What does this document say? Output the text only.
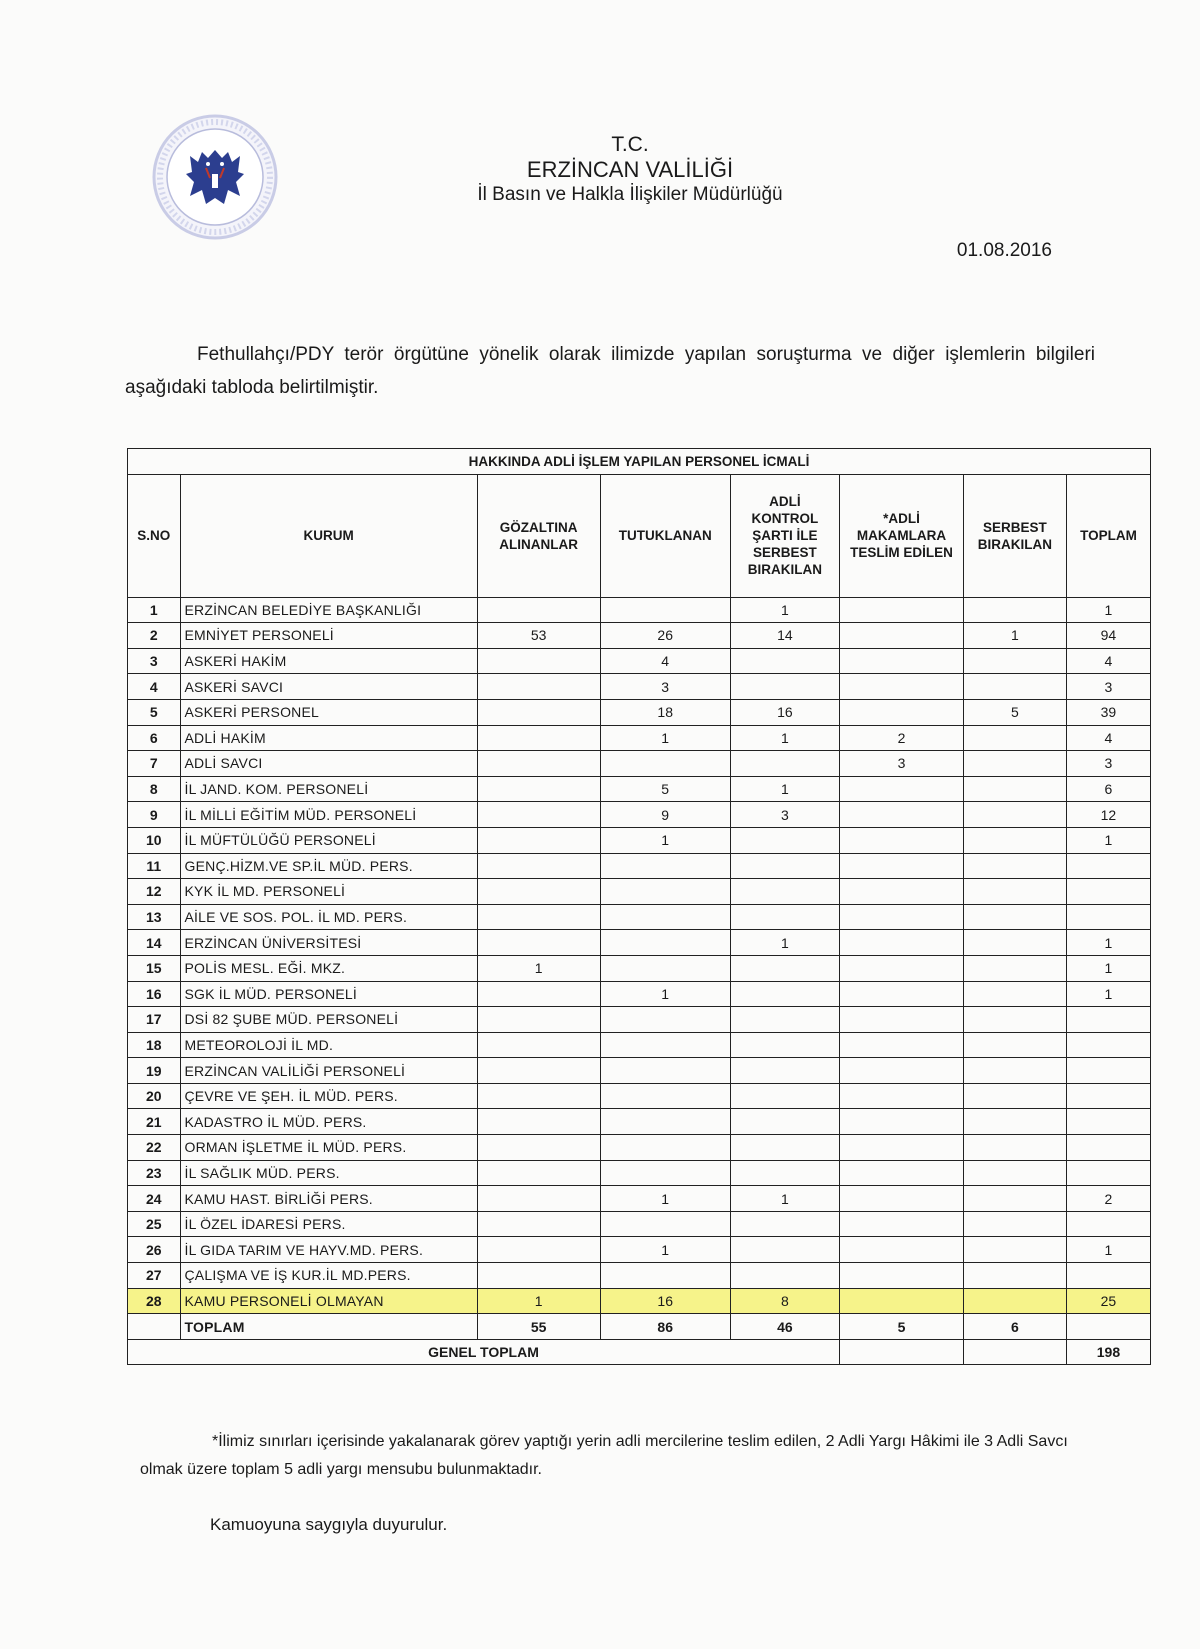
T.C.
ERZİNCAN VALİLİĞİ
İl Basın ve Halkla İlişkiler Müdürlüğü
01.08.2016
Fethullahçı/PDY terör örgütüne yönelik olarak ilimizde yapılan soruşturma ve diğer işlemlerin bilgileri aşağıdaki tabloda belirtilmiştir.
HAKKINDA ADLİ İŞLEM YAPILAN PERSONEL İCMALİ							
S.NO	KURUM	GÖZALTINA ALINANLAR	TUTUKLANAN	ADLİ KONTROL ŞARTI İLE SERBEST BIRAKILAN	*ADLİ MAKAMLARA TESLİM EDİLEN	SERBEST BIRAKILAN	TOPLAM
1	ERZİNCAN BELEDİYE BAŞKANLIĞI			1			1
2	EMNİYET PERSONELİ	53	26	14		1	94
3	ASKERİ HAKİM		4				4
4	ASKERİ SAVCI		3				3
5	ASKERİ PERSONEL		18	16		5	39
6	ADLİ HAKİM		1	1	2		4
7	ADLİ SAVCI				3		3
8	İL JAND. KOM. PERSONELİ		5	1			6
9	İL MİLLİ EĞİTİM MÜD. PERSONELİ		9	3			12
10	İL MÜFTÜLÜĞÜ PERSONELİ		1				1
11	GENÇ.HİZM.VE SP.İL MÜD. PERS.						
12	KYK İL MD. PERSONELİ						
13	AİLE VE SOS. POL. İL MD. PERS.						
14	ERZİNCAN ÜNİVERSİTESİ			1			1
15	POLİS MESL. EĞİ. MKZ.	1					1
16	SGK İL MÜD. PERSONELİ		1				1
17	DSİ 82 ŞUBE MÜD. PERSONELİ						
18	METEOROLOJİ İL MD.						
19	ERZİNCAN VALİLİĞİ PERSONELİ						
20	ÇEVRE VE ŞEH. İL MÜD. PERS.						
21	KADASTRO İL MÜD. PERS.						
22	ORMAN İŞLETME İL MÜD. PERS.						
23	İL SAĞLIK MÜD. PERS.						
24	KAMU HAST. BİRLİĞİ PERS.		1	1			2
25	İL ÖZEL İDARESİ PERS.						
26	İL GIDA TARIM VE HAYV.MD. PERS.		1				1
27	ÇALIŞMA VE İŞ KUR.İL MD.PERS.						
28	KAMU PERSONELİ OLMAYAN	1	16	8			25
	TOPLAM	55	86	46	5	6	
GENEL TOPLAM							198
*İlimiz sınırları içerisinde yakalanarak görev yaptığı yerin adli mercilerine teslim edilen, 2 Adli Yargı Hâkimi ile 3 Adli Savcı olmak üzere toplam 5 adli yargı mensubu bulunmaktadır.
Kamuoyuna saygıyla duyurulur.
